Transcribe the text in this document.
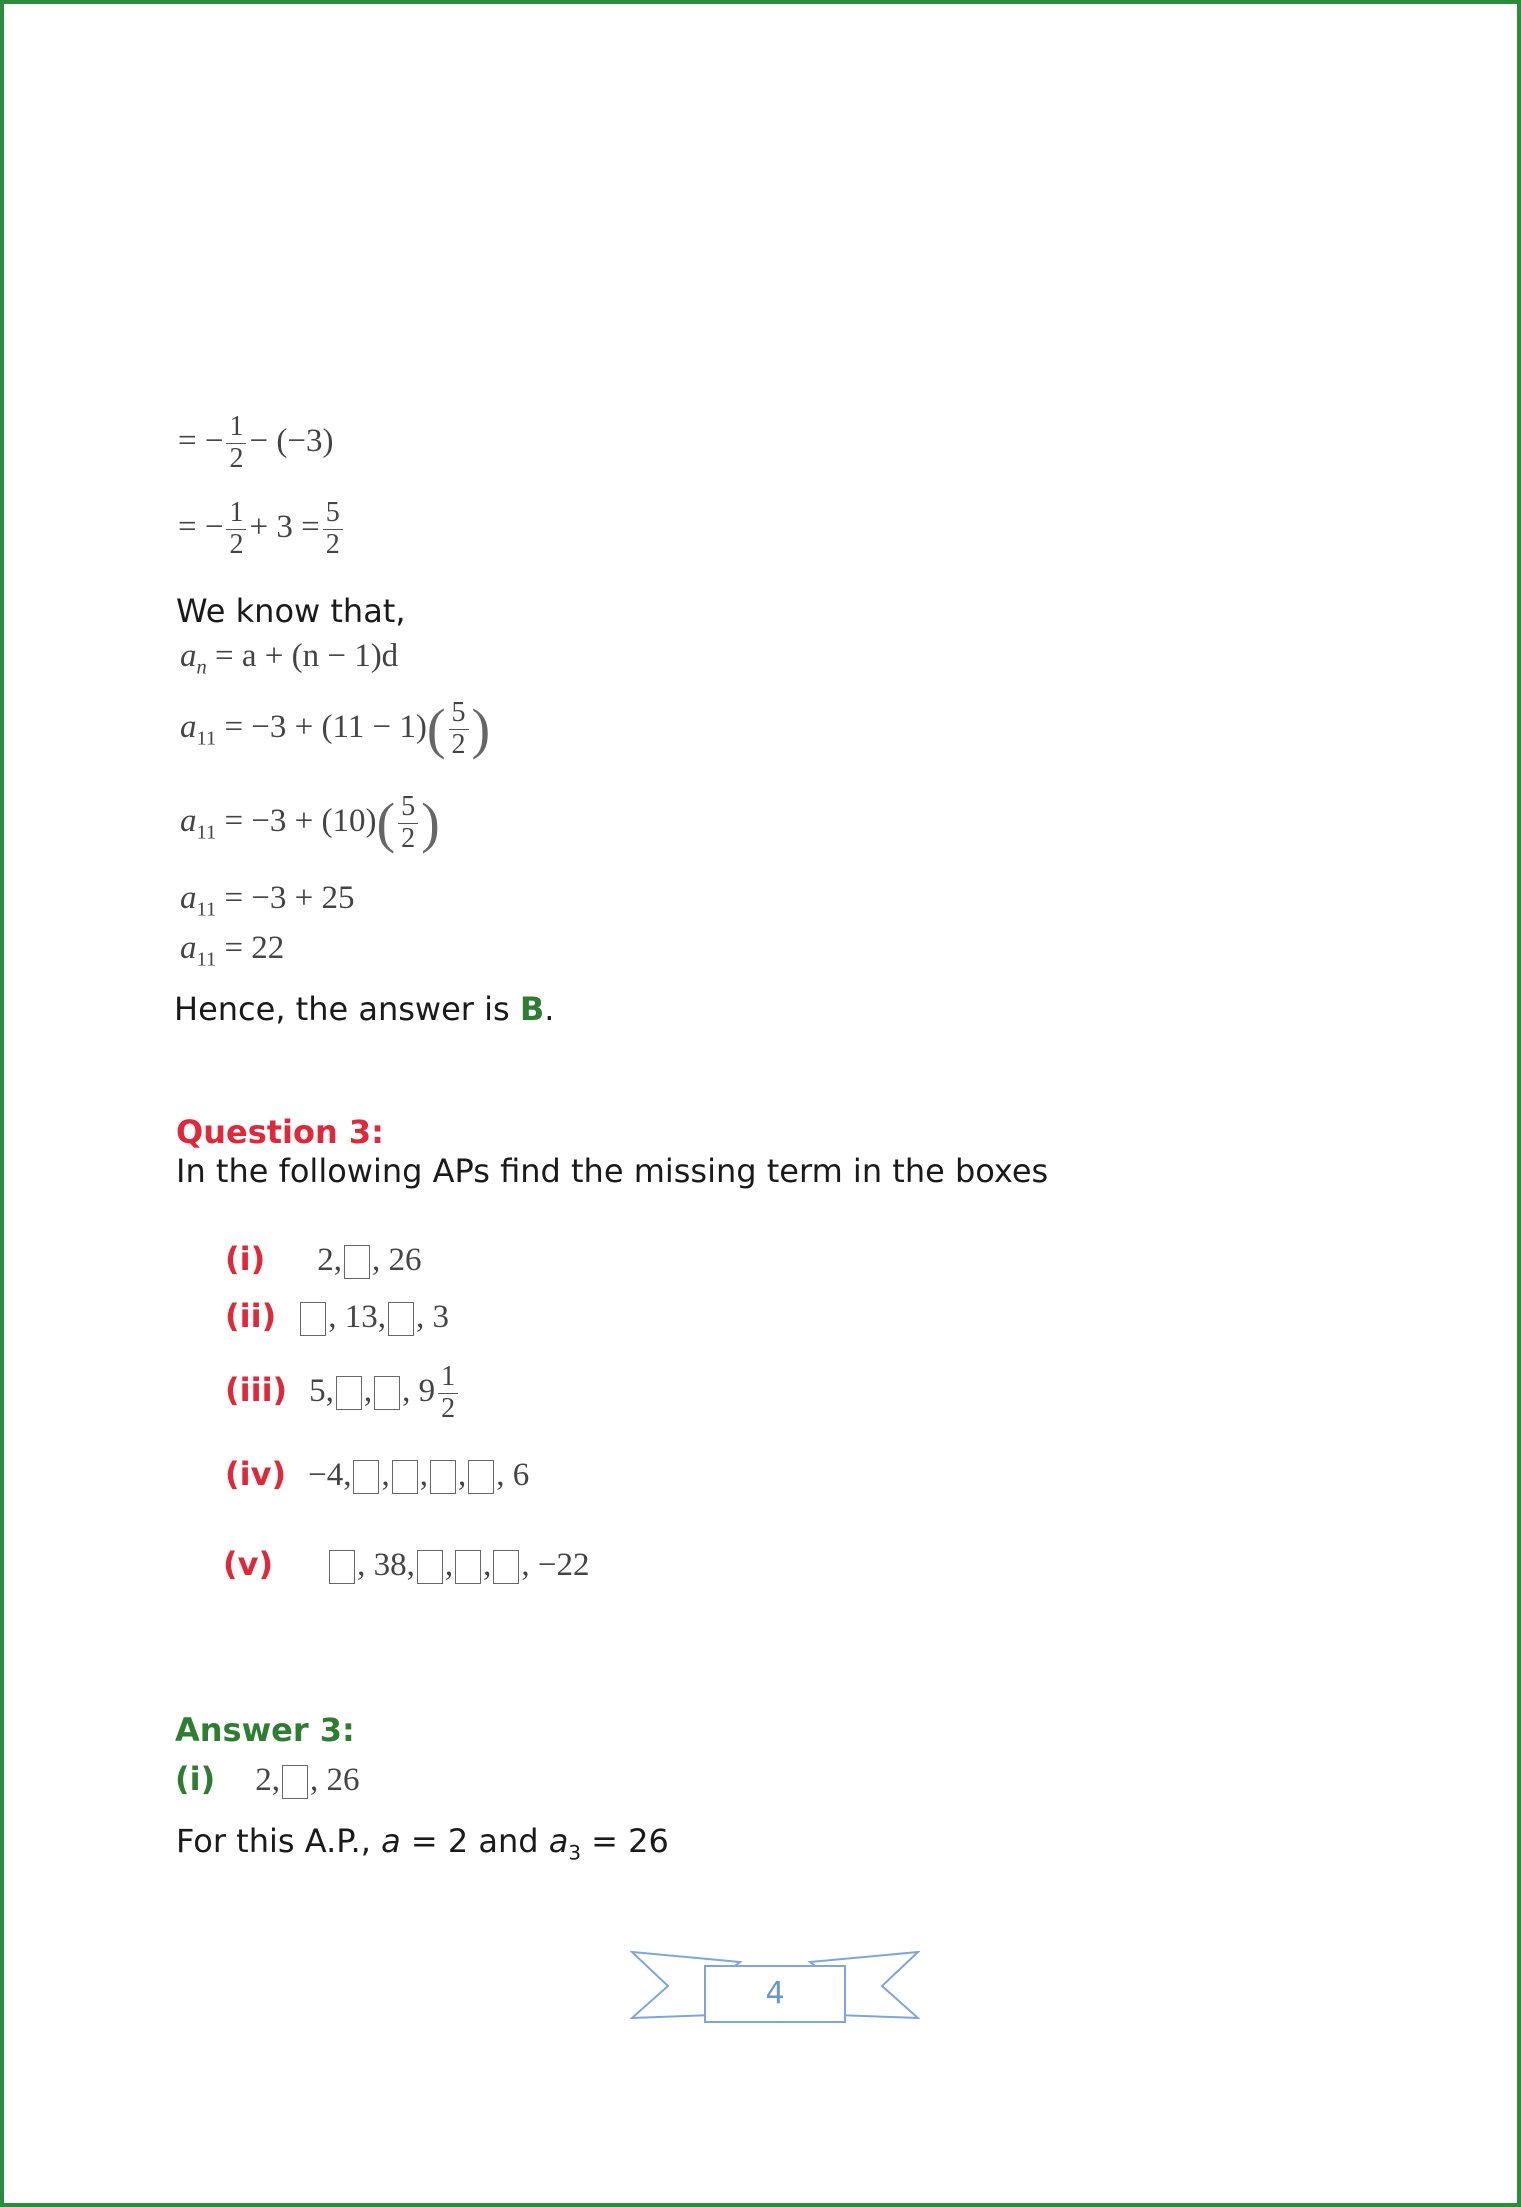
= − $\frac{1}{2} - (-3)$
= − $\frac{1}{2} + 3 = \frac{5}{2}$
We know that,
$a_n = a + (n - 1)d$
$a_{11} = -3 + (11 - 1)( \frac{5}{2}$ )
$a_{11} = -3 + (10)( \frac{5}{2}$ )
$a_{11} = -3 + 25$
$a_{11} = 22$
Hence, the answer is B.
Question 3:
In the following APs find the missing term in the boxes
(i) 2, , 26
(ii) , 13, , 3
(iii) 5, , , $9 \frac{1}{2}$
(iv) −4, , , , , 6
(v)	, 38, , , , −22
Answer 3:
(i) 2, , 26
For this A.P., a = 2 and $a_3 = 26$
4
